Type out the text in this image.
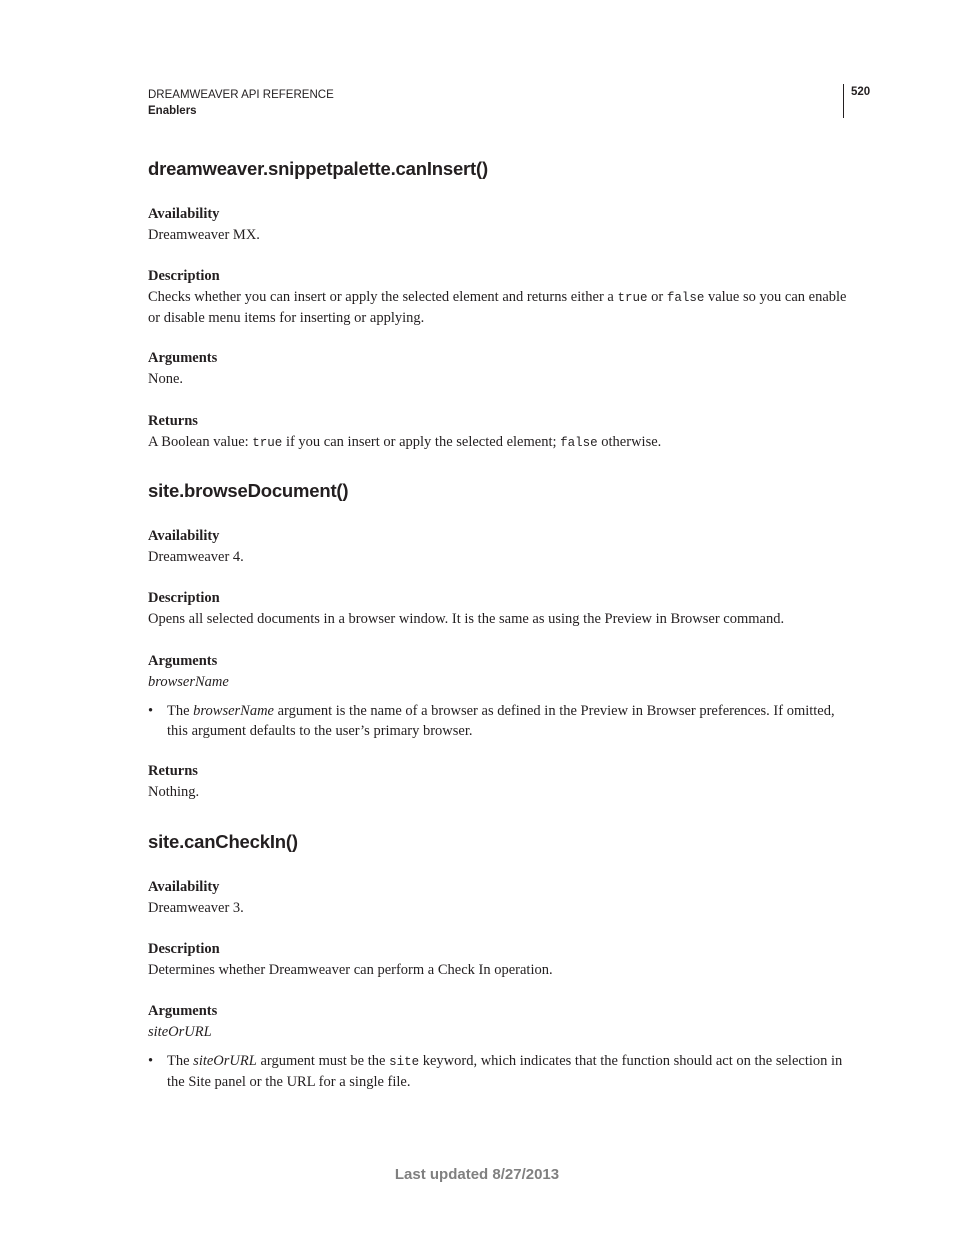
DREAMWEAVER API REFERENCE
Enablers
520
dreamweaver.snippetpalette.canInsert()

Availability

Dreamweaver MX.

Description

Checks whether you can insert or apply the selected element and returns either a true or false value so you can enable or disable menu items for inserting or applying.

Arguments

None.

Returns

A Boolean value: true if you can insert or apply the selected element; false otherwise.

site.browseDocument()

Availability

Dreamweaver 4.

Description

Opens all selected documents in a browser window. It is the same as using the Preview in Browser command.

Arguments

browserName

• The browserName argument is the name of a browser as defined in the Preview in Browser preferences. If omitted, this argument defaults to the user’s primary browser.

Returns

Nothing.

site.canCheckIn()

Availability

Dreamweaver 3.

Description

Determines whether Dreamweaver can perform a Check In operation.

Arguments

siteOrURL

• The siteOrURL argument must be the site keyword, which indicates that the function should act on the selection in the Site panel or the URL for a single file.

Last updated 8/27/2013
